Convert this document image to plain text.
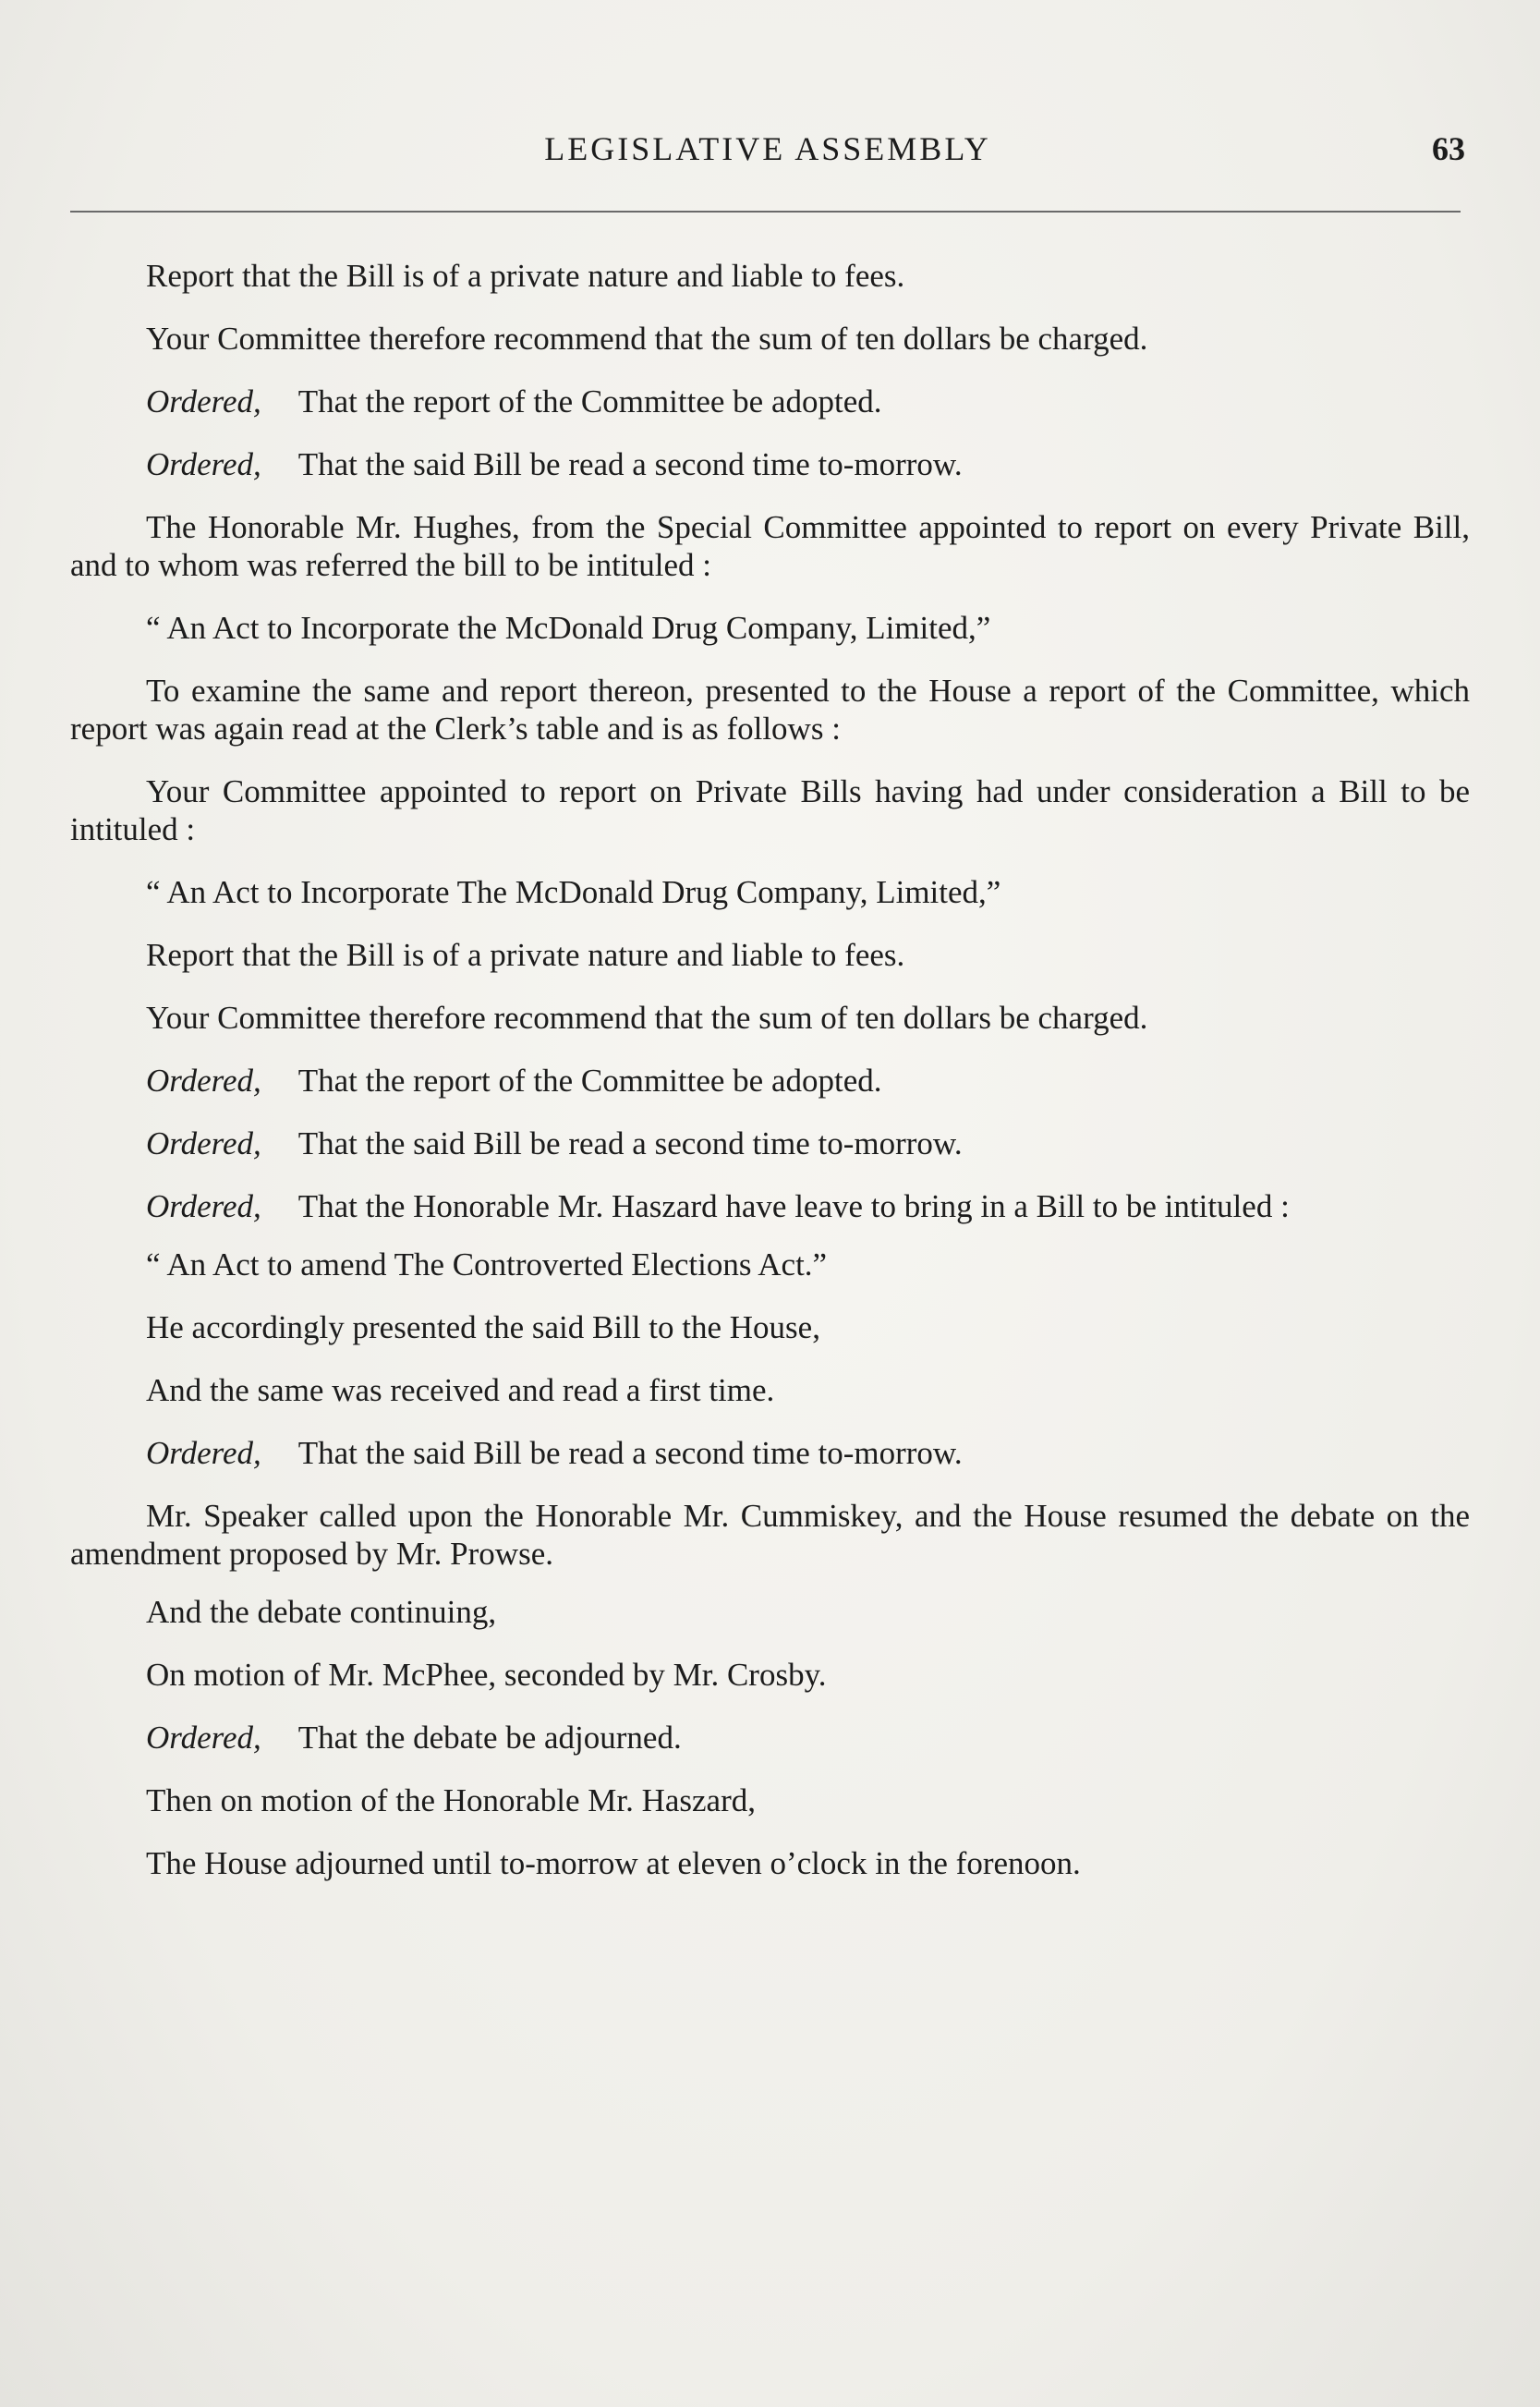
LEGISLATIVE ASSEMBLY	63

Report that the Bill is of a private nature and liable to fees.

Your Committee therefore recommend that the sum of ten dollars be charged.

Ordered, That the report of the Committee be adopted.

Ordered, That the said Bill be read a second time to-morrow.

The Honorable Mr. Hughes, from the Special Committee appointed to report on every Private Bill, and to whom was referred the bill to be intituled :

“ An Act to Incorporate the McDonald Drug Company, Limited,”

To examine the same and report thereon, presented to the House a report of the Committee, which report was again read at the Clerk’s table and is as follows :

Your Committee appointed to report on Private Bills having had under consideration a Bill to be intituled :

“ An Act to Incorporate The McDonald Drug Company, Limited,”

Report that the Bill is of a private nature and liable to fees.

Your Committee therefore recommend that the sum of ten dollars be charged.

Ordered, That the report of the Committee be adopted.

Ordered, That the said Bill be read a second time to-morrow.

Ordered, That the Honorable Mr. Haszard have leave to bring in a Bill to be intituled :

“ An Act to amend The Controverted Elections Act.”

He accordingly presented the said Bill to the House,

And the same was received and read a first time.

Ordered, That the said Bill be read a second time to-morrow.

Mr. Speaker called upon the Honorable Mr. Cummiskey, and the House resumed the debate on the amendment proposed by Mr. Prowse.

And the debate continuing,

On motion of Mr. McPhee, seconded by Mr. Crosby.

Ordered, That the debate be adjourned.

Then on motion of the Honorable Mr. Haszard,

The House adjourned until to-morrow at eleven o’clock in the forenoon.
